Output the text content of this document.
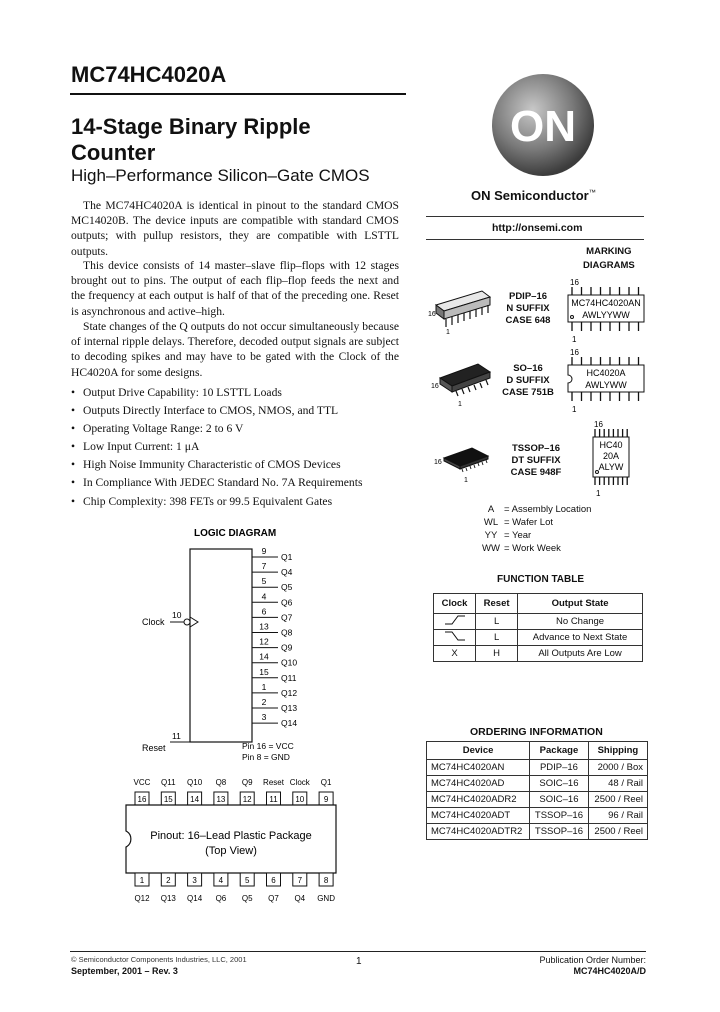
MC74HC4020A
14-Stage Binary Ripple Counter
High–Performance Silicon–Gate CMOS
The MC74HC4020A is identical in pinout to the standard CMOS MC14020B. The device inputs are compatible with standard CMOS outputs; with pullup resistors, they are compatible with LSTTL outputs.
This device consists of 14 master–slave flip–flops with 12 stages brought out to pins. The output of each flip–flop feeds the next and the frequency at each output is half of that of the preceding one. Reset is asynchronous and active–high.
State changes of the Q outputs do not occur simultaneously because of internal ripple delays. Therefore, decoded output signals are subject to decoding spikes and may have to be gated with the Clock of the HC4020A for some designs.
• Output Drive Capability: 10 LSTTL Loads
• Outputs Directly Interface to CMOS, NMOS, and TTL
• Operating Voltage Range: 2 to 6 V
• Low Input Current: 1 μA
• High Noise Immunity Characteristic of CMOS Devices
• In Compliance With JEDEC Standard No. 7A Requirements
• Chip Complexity: 398 FETs or 99.5 Equivalent Gates
LOGIC DIAGRAM
Clock
10
Reset
11
9
Q1
7
Q4
5
Q5
4
Q6
6
Q7
13
Q8
12
Q9
14
Q10
15
Q11
1
Q12
2
Q13
3
Q14
Pin 16 = VCC
Pin 8 = GND
VCC
16
Q11
15
Q10
14
Q8
13
Q9
12
Reset
11
Clock
10
Q1
9
Pinout: 16–Lead Plastic Package
(Top View)
1
Q12
2
Q13
3
Q14
4
Q6
5
Q5
6
Q7
7
Q4
8
GND
ON
ON Semiconductor™
http://onsemi.com
MARKING
DIAGRAMS
16
1
PDIP–16
N SUFFIX
CASE 648
16
MC74HC4020AN
AWLYYWW
1
16
1
SO–16
D SUFFIX
CASE 751B
16
HC4020A
AWLYWW
1
16
1
TSSOP–16
DT SUFFIX
CASE 948F
16
HC40
20A
ALYW
1
A = Assembly Location
WL = Wafer Lot
YY = Year
WW = Work Week
FUNCTION TABLE
Clock	Reset	Output State
	L	No Change
	L	Advance to Next State
X	H	All Outputs Are Low
ORDERING INFORMATION
Device	Package	Shipping
MC74HC4020AN	PDIP–16	2000 / Box
MC74HC4020AD	SOIC–16	48 / Rail
MC74HC4020ADR2	SOIC–16	2500 / Reel
MC74HC4020ADT	TSSOP–16	96 / Rail
MC74HC4020ADTR2	TSSOP–16	2500 / Reel
© Semiconductor Components Industries, LLC, 2001
September, 2001 – Rev. 3
1	Publication Order Number:
MC74HC4020A/D
